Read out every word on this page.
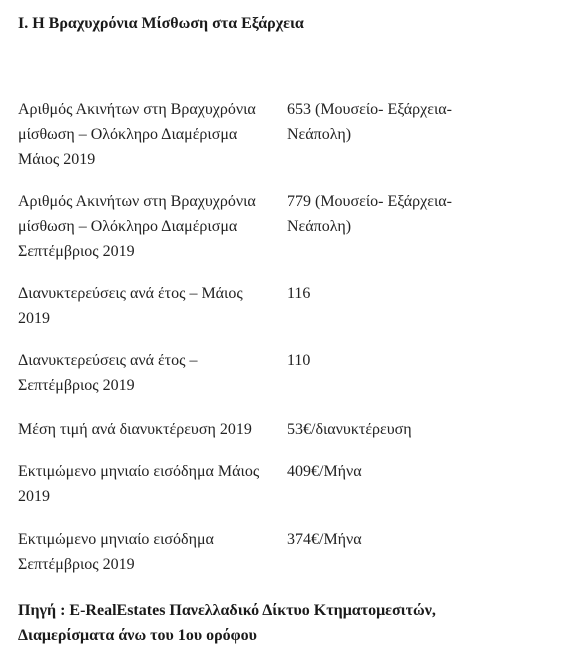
I. Η Βραχυχρόνια Μίσθωση στα Εξάρχεια
Αριθμός Ακινήτων στη Βραχυχρόνια
μίσθωση – Ολόκληρο Διαμέρισμα
Μάιος 2019
653 (Μουσείο- Εξάρχεια-
Νεάπολη)
Αριθμός Ακινήτων στη Βραχυχρόνια
μίσθωση – Ολόκληρο Διαμέρισμα
Σεπτέμβριος 2019
779 (Μουσείο- Εξάρχεια-
Νεάπολη)
Διανυκτερεύσεις ανά έτος – Μάιος
2019
116
Διανυκτερεύσεις ανά έτος –
Σεπτέμβριος 2019
110
Μέση τιμή ανά διανυκτέρευση 2019	53€/διανυκτέρευση
Εκτιμώμενο μηνιαίο εισόδημα Μάιος
2019
409€/Μήνα
Εκτιμώμενο μηνιαίο εισόδημα
Σεπτέμβριος 2019
374€/Μήνα
Πηγή : E-RealEstates Πανελλαδικό Δίκτυο Κτηματομεσιτών,
Διαμερίσματα άνω του 1ου ορόφου
